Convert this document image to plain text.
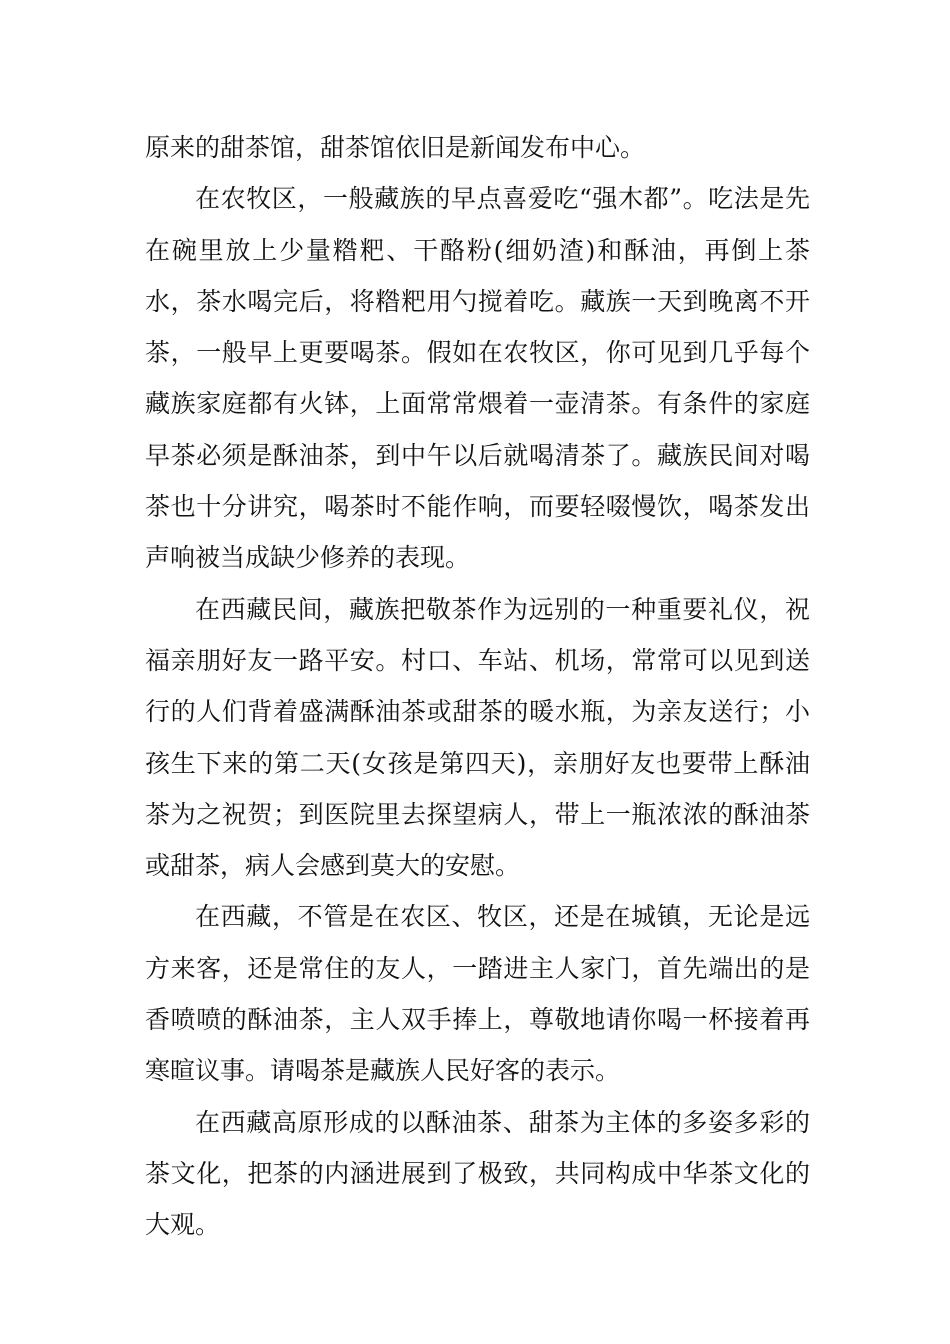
原来的甜茶馆，甜茶馆依旧是新闻发布中心。

在农牧区，一般藏族的早点喜爱吃“强木都”。吃法是先在碗里放上少量糌粑、干酪粉(细奶渣)和酥油，再倒上茶水，茶水喝完后，将糌粑用勺搅着吃。藏族一天到晚离不开茶，一般早上更要喝茶。假如在农牧区，你可见到几乎每个藏族家庭都有火钵，上面常常煨着一壶清茶。有条件的家庭早茶必须是酥油茶，到中午以后就喝清茶了。藏族民间对喝茶也十分讲究，喝茶时不能作响，而要轻啜慢饮，喝茶发出声响被当成缺少修养的表现。

在西藏民间，藏族把敬茶作为远别的一种重要礼仪，祝福亲朋好友一路平安。村口、车站、机场，常常可以见到送行的人们背着盛满酥油茶或甜茶的暖水瓶，为亲友送行；小孩生下来的第二天(女孩是第四天)，亲朋好友也要带上酥油茶为之祝贺；到医院里去探望病人，带上一瓶浓浓的酥油茶或甜茶，病人会感到莫大的安慰。

在西藏，不管是在农区、牧区，还是在城镇，无论是远方来客，还是常住的友人，一踏进主人家门，首先端出的是香喷喷的酥油茶，主人双手捧上，尊敬地请你喝一杯接着再寒暄议事。请喝茶是藏族人民好客的表示。

在西藏高原形成的以酥油茶、甜茶为主体的多姿多彩的茶文化，把茶的内涵进展到了极致，共同构成中华茶文化的大观。
